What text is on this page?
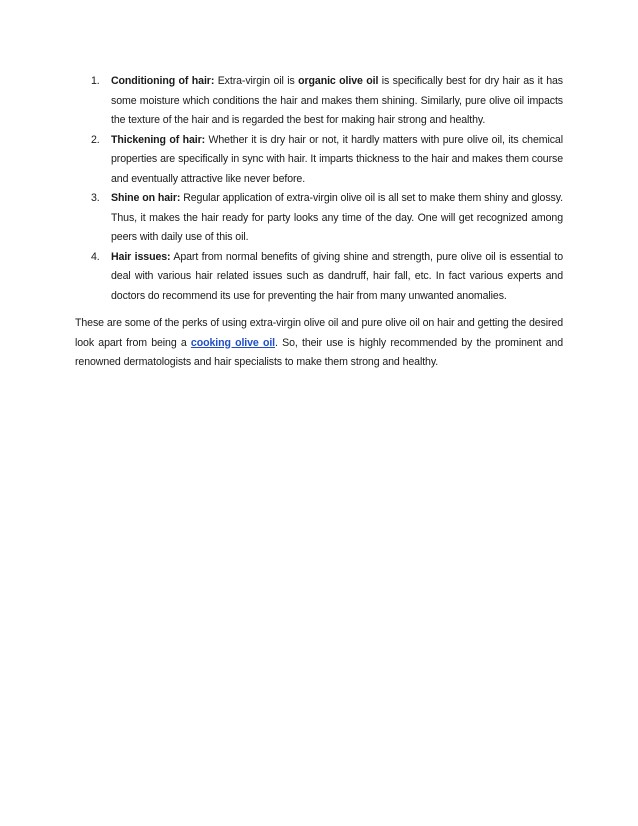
1. Conditioning of hair: Extra-virgin oil is organic olive oil is specifically best for dry hair as it has some moisture which conditions the hair and makes them shining. Similarly, pure olive oil impacts the texture of the hair and is regarded the best for making hair strong and healthy.
2. Thickening of hair: Whether it is dry hair or not, it hardly matters with pure olive oil, its chemical properties are specifically in sync with hair. It imparts thickness to the hair and makes them course and eventually attractive like never before.
3. Shine on hair: Regular application of extra-virgin olive oil is all set to make them shiny and glossy. Thus, it makes the hair ready for party looks any time of the day. One will get recognized among peers with daily use of this oil.
4. Hair issues: Apart from normal benefits of giving shine and strength, pure olive oil is essential to deal with various hair related issues such as dandruff, hair fall, etc. In fact various experts and doctors do recommend its use for preventing the hair from many unwanted anomalies.

These are some of the perks of using extra-virgin olive oil and pure olive oil on hair and getting the desired look apart from being a cooking olive oil. So, their use is highly recommended by the prominent and renowned dermatologists and hair specialists to make them strong and healthy.
